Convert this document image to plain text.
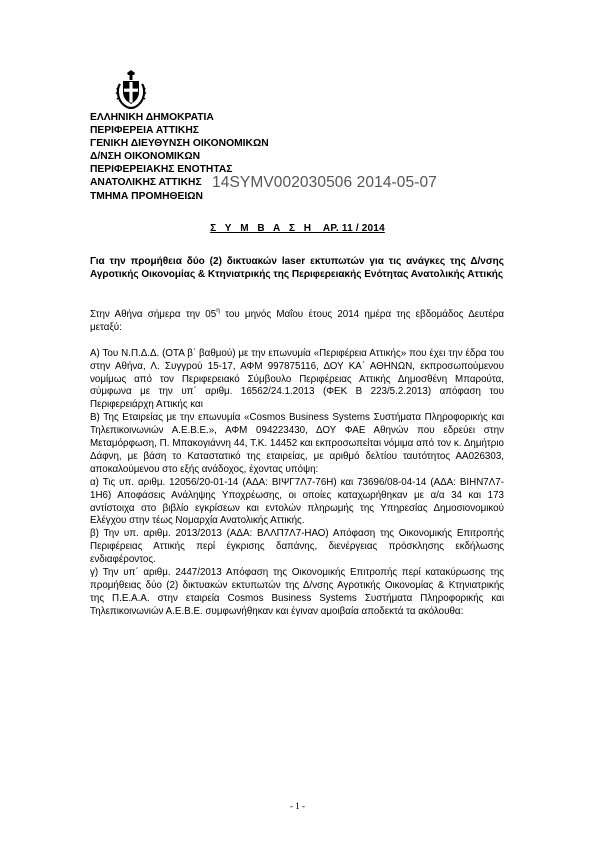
ΕΛΛΗΝΙΚΗ ΔΗΜΟΚΡΑΤΙΑ
ΠΕΡΙΦΕΡΕΙΑ ΑΤΤΙΚΗΣ
ΓΕΝΙΚΗ ΔΙΕΥΘΥΝΣΗ ΟΙΚΟΝΟΜΙΚΩΝ
Δ/ΝΣΗ ΟΙΚΟΝΟΜΙΚΩΝ
ΠΕΡΙΦΕΡΕΙΑΚΗΣ ΕΝΟΤΗΤΑΣ
ΑΝΑΤΟΛΙΚΗΣ ΑΤΤΙΚΗΣ
ΤΜΗΜΑ ΠΡΟΜΗΘΕΙΩΝ
14SYMV002030506 2014-05-07
Σ Υ Μ Β Α Σ Η ΑΡ. 11 / 2014
Για την προμήθεια δύο (2) δικτυακών laser εκτυπωτών για τις ανάγκες της Δ/νσης Αγροτικής Οικονομίας & Κτηνιατρικής της Περιφερειακής Ενότητας Ανατολικής Αττικής

Στην Αθήνα σήμερα την $05^\eta$ του μηνός Μαΐου έτους 2014 ημέρα της εβδομάδος Δευτέρα μεταξύ:

Α) Του Ν.Π.Δ.Δ. (ΟΤΑ β΄ βαθμού) με την επωνυμία «Περιφέρεια Αττικής» που έχει την έδρα του στην Αθήνα, Λ. Συγγρού 15-17, ΑΦΜ 997875116, ΔΟΥ ΚΑ΄ ΑΘΗΝΩΝ, εκπροσωπούμενου νομίμως από τον Περιφερειακό Σύμβουλο Περιφέρειας Αττικής Δημοσθένη Μπαρούτα, σύμφωνα με την υπ΄ αριθμ. 16562/24.1.2013 (ΦΕΚ Β 223/5.2.2013) απόφαση του Περιφερειάρχη Αττικής και

Β) Της Εταιρείας με την επωνυμία «Cosmos Business Systems Συστήματα Πληροφορικής και Τηλεπικοινωνιών Α.Ε.Β.Ε.», ΑΦΜ 094223430, ΔΟΥ ΦΑΕ Αθηνών που εδρεύει στην Μεταμόρφωση, Π. Μπακογιάννη 44, Τ.Κ. 14452 και εκπροσωπείται νόμιμα από τον κ. Δημήτριο Δάφνη, με βάση το Καταστατικό της εταιρείας, με αριθμό δελτίου ταυτότητος ΑΑ026303, αποκαλούμενου στο εξής ανάδοχος, έχοντας υπόψη:

α) Τις υπ. αριθμ. 12056/20-01-14 (ΑΔΑ: ΒΙΨΓ7Λ7-76Η) και 73696/08-04-14 (ΑΔΑ: ΒΙΗΝ7Λ7-1Η6) Αποφάσεις Ανάληψης Υποχρέωσης, οι οποίες καταχωρήθηκαν με α/α 34 και 173 αντίστοιχα στο βιβλίο εγκρίσεων και εντολών πληρωμής της Υπηρεσίας Δημοσιονομικού Ελέγχου στην τέως Νομαρχία Ανατολικής Αττικής.

β) Την υπ. αριθμ. 2013/2013 (ΑΔΑ: ΒΛΛΠ7Λ7-ΗΑΟ) Απόφαση της Οικονομικής Επιτροπής Περιφέρειας Αττικής περί έγκρισης δαπάνης, διενέργειας πρόσκλησης εκδήλωσης ενδιαφέροντος.

γ) Την υπ΄ αριθμ. 2447/2013 Απόφαση της Οικονομικής Επιτροπής περί κατακύρωσης της προμήθειας δύο (2) δικτυακών εκτυπωτών της Δ/νσης Αγροτικής Οικονομίας & Κτηνιατρικής της Π.Ε.Α.Α. στην εταιρεία Cosmos Business Systems Συστήματα Πληροφορικής και Τηλεπικοινωνιών Α.Ε.Β.Ε. συμφωνήθηκαν και έγιναν αμοιβαία αποδεκτά τα ακόλουθα:

- 1 -
